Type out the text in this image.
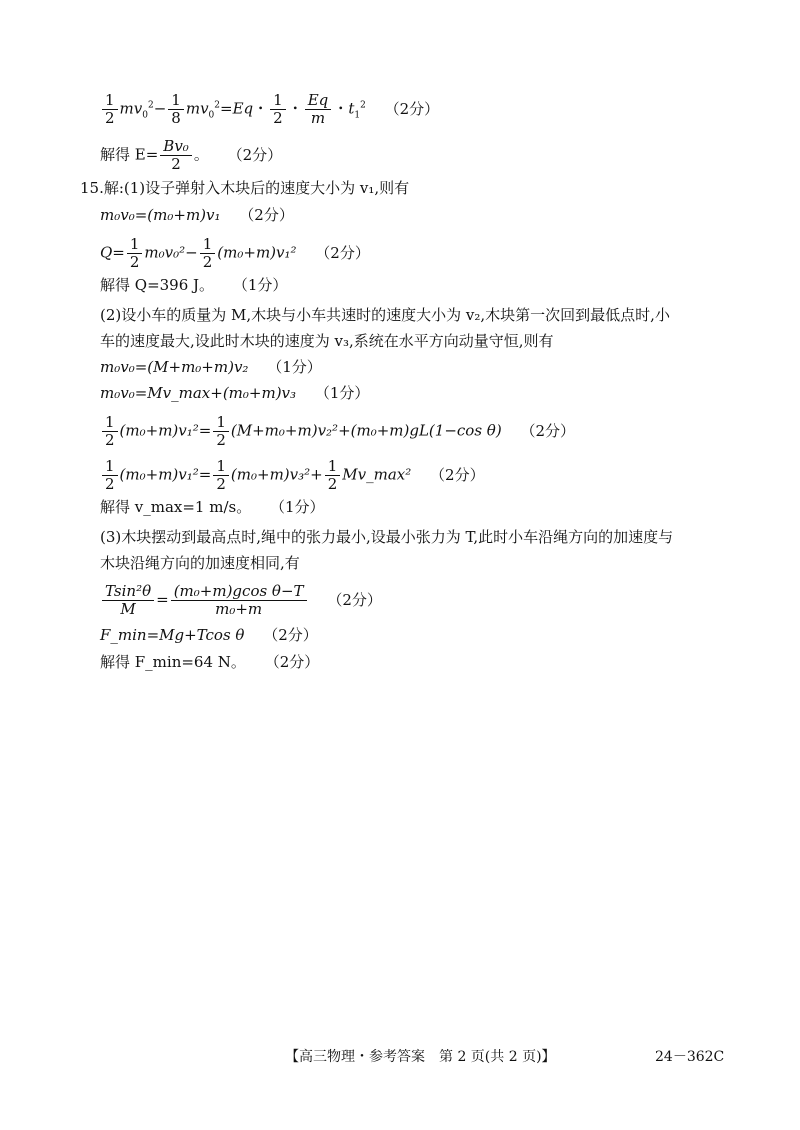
$\frac{1}{2} mv_0^2- \frac{1}{8} mv_0^2=Eq$・ $\frac{1}{2}$ ・ $\frac{Eq}{m}$ ・$t_1^2$ （2分）
解得 $E= \frac{\text{Bv₀}}{2}$ 。 （2分）
15.解:(1)设子弹射入木块后的速度大小为 v₁,则有
m₀v₀=(m₀+m)v₁ （2分）
$Q= \frac{1}{2} m_0v_0^2- \frac{1}{2} (m_0+m)v_1^2$ （2分）
解得 Q=396 J。 （1分）
(2)设小车的质量为 M,木块与小车共速时的速度大小为 v₂,木块第一次回到最低点时,小
车的速度最大,设此时木块的速度为 v₃,系统在水平方向动量守恒,则有
m₀v₀=(M+m₀+m)v₂ （1分）
m₀v₀=Mv_max+(m₀+m)v₃ （1分）
$\frac{1}{2} (m_0+m)v_1^2= \frac{1}{2} (M+m_0+m)v_2^2+(m_0+m)gL(1-\cos$ θ) （2分）
$\frac{1}{2} (m_0+m)v_1^2= \frac{1}{2} (m_0+m)v_3^2+ \frac{1}{2}$ Mv_max² （2分）
解得 v_max=1 m/s。 （1分）
(3)木块摆动到最高点时,绳中的张力最小,设最小张力为 T,此时小车沿绳方向的加速度与
木块沿绳方向的加速度相同,有
$\frac{\text{Tsin²θ}}{M} = \frac{\text{(m₀+m)gcos θ−T}}{\text{m₀+m}} (2$分）
F_min=Mg+Tcos θ （2分）
解得 F_min=64 N。 （2分）
【高三物理・参考答案　第 2 页(共 2 页)】	24－362C
